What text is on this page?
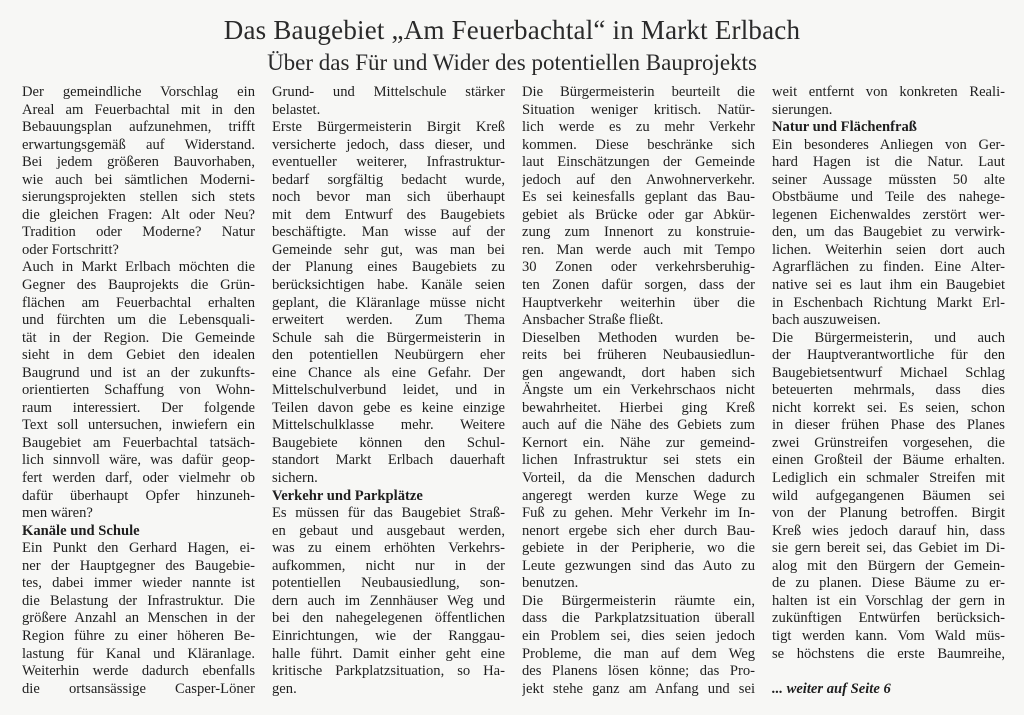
Das Baugebiet „Am Feuerbachtal“ in Markt Erlbach
Über das Für und Wider des potentiellen Bauprojekts
Der gemeindliche Vorschlag ein
Areal am Feuerbachtal mit in den
Bebauungsplan aufzunehmen, trifft
erwartungsgemäß auf Widerstand.
Bei jedem größeren Bauvorhaben,
wie auch bei sämtlichen Moderni-
sierungsprojekten stellen sich stets
die gleichen Fragen: Alt oder Neu?
Tradition oder Moderne? Natur
oder Fortschritt?
Auch in Markt Erlbach möchten die
Gegner des Bauprojekts die Grün-
flächen am Feuerbachtal erhalten
und fürchten um die Lebensquali-
tät in der Region. Die Gemeinde
sieht in dem Gebiet den idealen
Baugrund und ist an der zukunfts-
orientierten Schaffung von Wohn-
raum interessiert. Der folgende
Text soll untersuchen, inwiefern ein
Baugebiet am Feuerbachtal tatsäch-
lich sinnvoll wäre, was dafür geop-
fert werden darf, oder vielmehr ob
dafür überhaupt Opfer hinzuneh-
men wären?
Kanäle und Schule
Ein Punkt den Gerhard Hagen, ei-
ner der Hauptgegner des Baugebie-
tes, dabei immer wieder nannte ist
die Belastung der Infrastruktur. Die
größere Anzahl an Menschen in der
Region führe zu einer höheren Be-
lastung für Kanal und Kläranlage.
Weiterhin werde dadurch ebenfalls
die ortsansässige Casper-Löner
Grund- und Mittelschule stärker
belastet.
Erste Bürgermeisterin Birgit Kreß
versicherte jedoch, dass dieser, und
eventueller weiterer, Infrastruktur-
bedarf sorgfältig bedacht wurde,
noch bevor man sich überhaupt
mit dem Entwurf des Baugebiets
beschäftigte. Man wisse auf der
Gemeinde sehr gut, was man bei
der Planung eines Baugebiets zu
berücksichtigen habe. Kanäle seien
geplant, die Kläranlage müsse nicht
erweitert werden. Zum Thema
Schule sah die Bürgermeisterin in
den potentiellen Neubürgern eher
eine Chance als eine Gefahr. Der
Mittelschulverbund leidet, und in
Teilen davon gebe es keine einzige
Mittelschulklasse mehr. Weitere
Baugebiete können den Schul-
standort Markt Erlbach dauerhaft
sichern.
Verkehr und Parkplätze
Es müssen für das Baugebiet Straß-
en gebaut und ausgebaut werden,
was zu einem erhöhten Verkehrs-
aufkommen, nicht nur in der
potentiellen Neubausiedlung, son-
dern auch im Zennhäuser Weg und
bei den nahegelegenen öffentlichen
Einrichtungen, wie der Ranggau-
halle führt. Damit einher geht eine
kritische Parkplatzsituation, so Ha-
gen.
Die Bürgermeisterin beurteilt die
Situation weniger kritisch. Natür-
lich werde es zu mehr Verkehr
kommen. Diese beschränke sich
laut Einschätzungen der Gemeinde
jedoch auf den Anwohnerverkehr.
Es sei keinesfalls geplant das Bau-
gebiet als Brücke oder gar Abkür-
zung zum Innenort zu konstruie-
ren. Man werde auch mit Tempo
30 Zonen oder verkehrsberuhig-
ten Zonen dafür sorgen, dass der
Hauptverkehr weiterhin über die
Ansbacher Straße fließt.
Dieselben Methoden wurden be-
reits bei früheren Neubausiedlun-
gen angewandt, dort haben sich
Ängste um ein Verkehrschaos nicht
bewahrheitet. Hierbei ging Kreß
auch auf die Nähe des Gebiets zum
Kernort ein. Nähe zur gemeind-
lichen Infrastruktur sei stets ein
Vorteil, da die Menschen dadurch
angeregt werden kurze Wege zu
Fuß zu gehen. Mehr Verkehr im In-
nenort ergebe sich eher durch Bau-
gebiete in der Peripherie, wo die
Leute gezwungen sind das Auto zu
benutzen.
Die Bürgermeisterin räumte ein,
dass die Parkplatzsituation überall
ein Problem sei, dies seien jedoch
Probleme, die man auf dem Weg
des Planens lösen könne; das Pro-
jekt stehe ganz am Anfang und sei
weit entfernt von konkreten Reali-
sierungen.
Natur und Flächenfraß
Ein besonderes Anliegen von Ger-
hard Hagen ist die Natur. Laut
seiner Aussage müssten 50 alte
Obstbäume und Teile des nahege-
legenen Eichenwaldes zerstört wer-
den, um das Baugebiet zu verwirk-
lichen. Weiterhin seien dort auch
Agrarflächen zu finden. Eine Alter-
native sei es laut ihm ein Baugebiet
in Eschenbach Richtung Markt Erl-
bach auszuweisen.
Die Bürgermeisterin, und auch
der Hauptverantwortliche für den
Baugebietsentwurf Michael Schlag
beteuerten mehrmals, dass dies
nicht korrekt sei. Es seien, schon
in dieser frühen Phase des Planes
zwei Grünstreifen vorgesehen, die
einen Großteil der Bäume erhalten.
Lediglich ein schmaler Streifen mit
wild aufgegangenen Bäumen sei
von der Planung betroffen. Birgit
Kreß wies jedoch darauf hin, dass
sie gern bereit sei, das Gebiet im Di-
alog mit den Bürgern der Gemein-
de zu planen. Diese Bäume zu er-
halten ist ein Vorschlag der gern in
zukünftigen Entwürfen berücksich-
tigt werden kann. Vom Wald müs-
se höchstens die erste Baumreihe,
... weiter auf Seite 6
